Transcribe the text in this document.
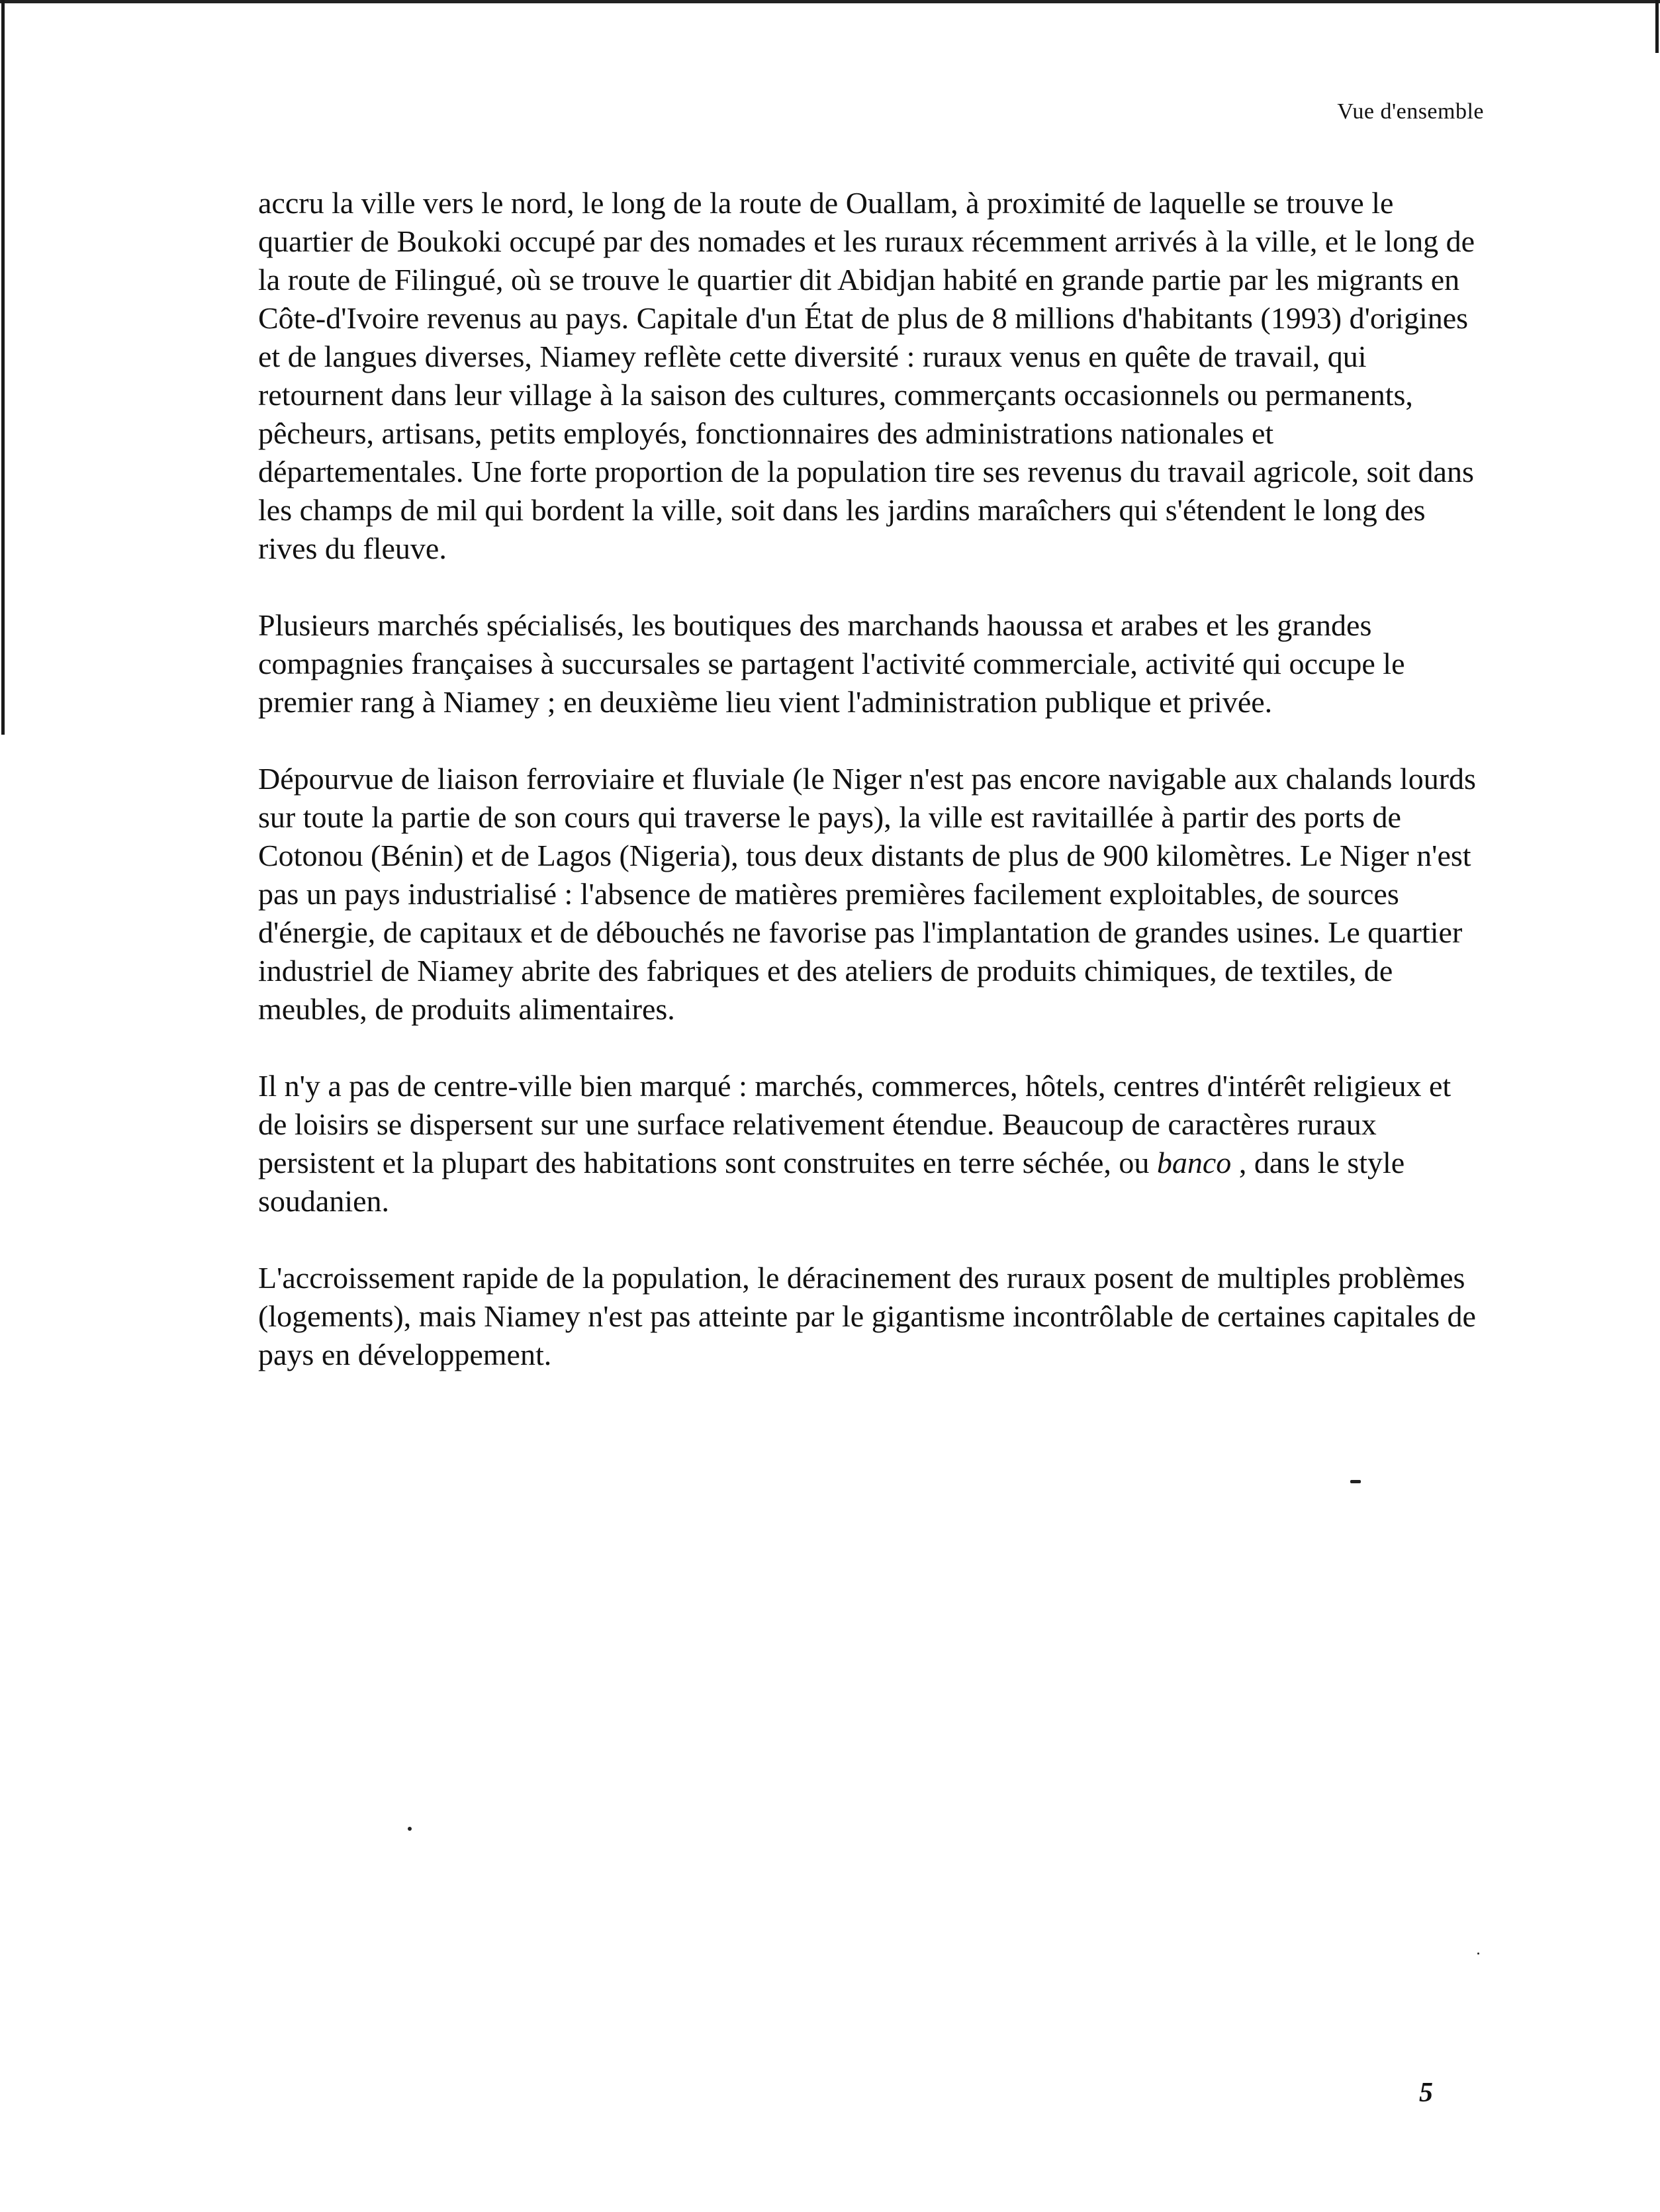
Vue d'ensemble

accru la ville vers le nord, le long de la route de Ouallam, à proximité de laquelle se trouve le quartier de Boukoki occupé par des nomades et les ruraux récemment arrivés à la ville, et le long de la route de Filingué, où se trouve le quartier dit Abidjan habité en grande partie par les migrants en Côte-d'Ivoire revenus au pays. Capitale d'un État de plus de 8 millions d'habitants (1993) d'origines et de langues diverses, Niamey reflète cette diversité : ruraux venus en quête de travail, qui retournent dans leur village à la saison des cultures, commerçants occasionnels ou permanents, pêcheurs, artisans, petits employés, fonctionnaires des administrations nationales et départementales. Une forte proportion de la population tire ses revenus du travail agricole, soit dans les champs de mil qui bordent la ville, soit dans les jardins maraîchers qui s'étendent le long des rives du fleuve.

Plusieurs marchés spécialisés, les boutiques des marchands haoussa et arabes et les grandes compagnies françaises à succursales se partagent l'activité commerciale, activité qui occupe le premier rang à Niamey ; en deuxième lieu vient l'administration publique et privée.

Dépourvue de liaison ferroviaire et fluviale (le Niger n'est pas encore navigable aux chalands lourds sur toute la partie de son cours qui traverse le pays), la ville est ravitaillée à partir des ports de Cotonou (Bénin) et de Lagos (Nigeria), tous deux distants de plus de 900 kilomètres. Le Niger n'est pas un pays industrialisé : l'absence de matières premières facilement exploitables, de sources d'énergie, de capitaux et de débouchés ne favorise pas l'implantation de grandes usines. Le quartier industriel de Niamey abrite des fabriques et des ateliers de produits chimiques, de textiles, de meubles, de produits alimentaires.

Il n'y a pas de centre-ville bien marqué : marchés, commerces, hôtels, centres d'intérêt religieux et de loisirs se dispersent sur une surface relativement étendue. Beaucoup de caractères ruraux persistent et la plupart des habitations sont construites en terre séchée, ou banco , dans le style soudanien.

L'accroissement rapide de la population, le déracinement des ruraux posent de multiples problèmes (logements), mais Niamey n'est pas atteinte par le gigantisme incontrôlable de certaines capitales de pays en développement.

5
